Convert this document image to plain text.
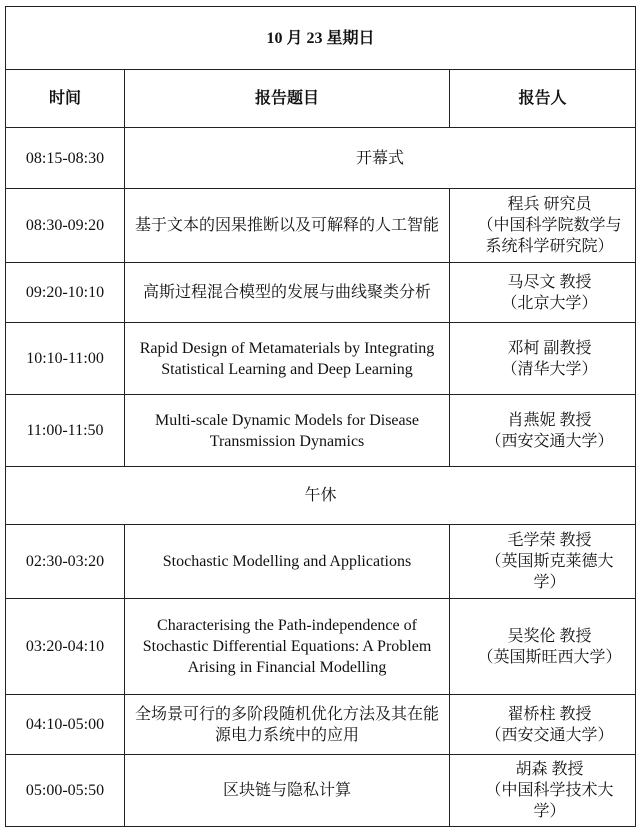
10 月 23 星期日		
时间	报告题目	报告人
08:15-08:30	开幕式	
08:30-09:20	基于文本的因果推断以及可解释的人工智能	程兵 研究员
（中国科学院数学与
系统科学研究院）

09:20-10:10	高斯过程混合模型的发展与曲线聚类分析	马尽文 教授
（北京大学）

10:10-11:00	Rapid Design of Metamaterials by Integrating Statistical Learning and Deep Learning	邓柯 副教授
（清华大学）

11:00-11:50	Multi-scale Dynamic Models for Disease Transmission Dynamics	肖燕妮 教授
（西安交通大学）

午休		
02:30-03:20	Stochastic Modelling and Applications	毛学荣 教授
（英国斯克莱德大
学）

03:20-04:10	Characterising the Path-independence of Stochastic Differential Equations: A Problem Arising in Financial Modelling	吴奖伦 教授
（英国斯旺西大学）

04:10-05:00	全场景可行的多阶段随机优化方法及其在能源电力系统中的应用	翟桥柱 教授
（西安交通大学）

05:00-05:50	区块链与隐私计算	胡森 教授
（中国科学技术大
学）
